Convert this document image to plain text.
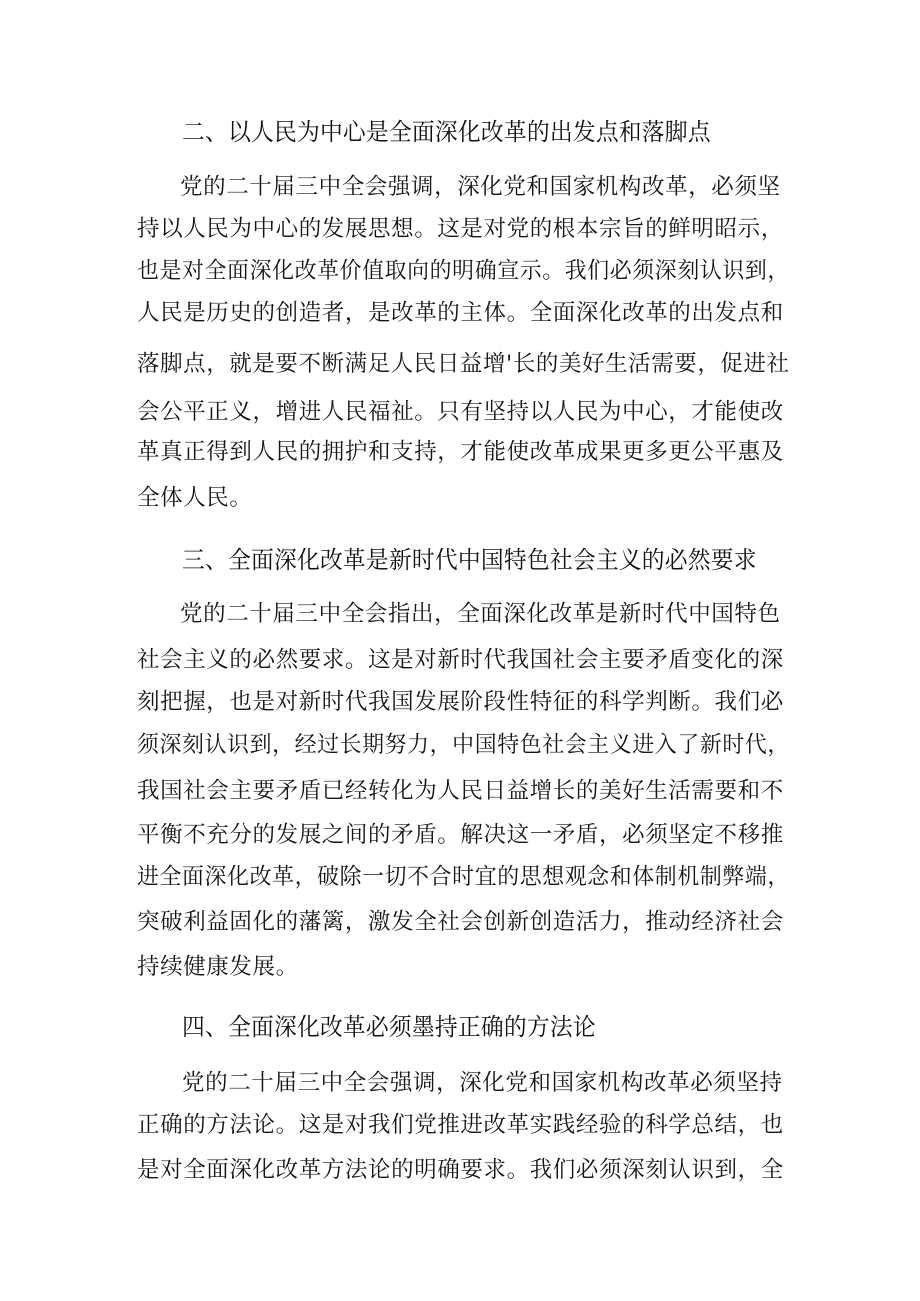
二、以人民为中心是全面深化改革的出发点和落脚点
党的二十届三中全会强调，深化党和国家机构改革，必须坚
持以人民为中心的发展思想。这是对党的根本宗旨的鲜明昭示，
也是对全面深化改革价值取向的明确宣示。我们必须深刻认识到，
人民是历史的创造者，是改革的主体。全面深化改革的出发点和
落脚点，就是要不断满足人民日益增'长的美好生活需要，促进社
会公平正义，增进人民福祉。只有坚持以人民为中心，才能使改
革真正得到人民的拥护和支持，才能使改革成果更多更公平惠及
全体人民。
三、全面深化改革是新时代中国特色社会主义的必然要求
党的二十届三中全会指出，全面深化改革是新时代中国特色
社会主义的必然要求。这是对新时代我国社会主要矛盾变化的深
刻把握，也是对新时代我国发展阶段性特征的科学判断。我们必
须深刻认识到，经过长期努力，中国特色社会主义进入了新时代，
我国社会主要矛盾已经转化为人民日益增长的美好生活需要和不
平衡不充分的发展之间的矛盾。解决这一矛盾，必须坚定不移推
进全面深化改革，破除一切不合时宜的思想观念和体制机制弊端，
突破利益固化的藩篱，激发全社会创新创造活力，推动经济社会
持续健康发展。
四、全面深化改革必须墨持正确的方法论
党的二十届三中全会强调，深化党和国家机构改革必须坚持
正确的方法论。这是对我们党推进改革实践经验的科学总结，也
是对全面深化改革方法论的明确要求。我们必须深刻认识到，全
